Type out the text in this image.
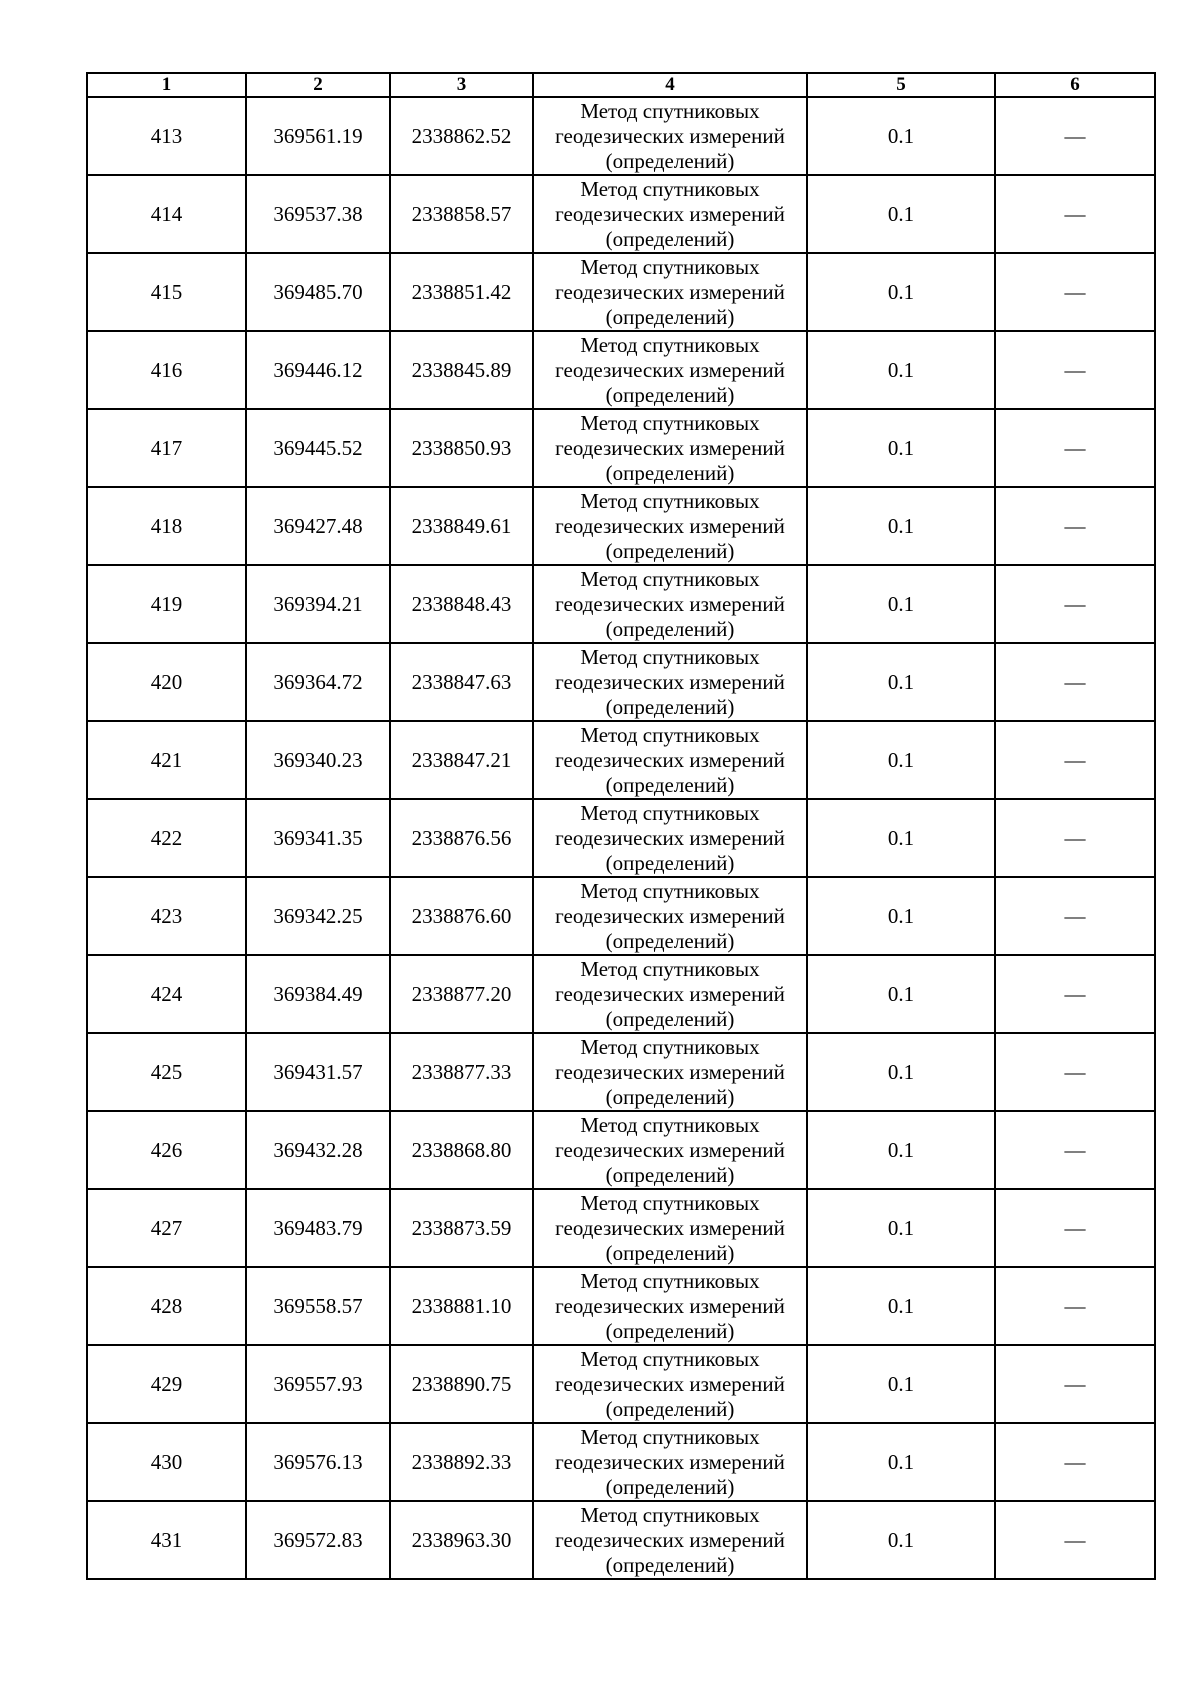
1	2	3	4	5	6
413	369561.19	2338862.52	Метод спутниковых
геодезических измерений
(определений)	0.1	—
414	369537.38	2338858.57	Метод спутниковых
геодезических измерений
(определений)	0.1	—
415	369485.70	2338851.42	Метод спутниковых
геодезических измерений
(определений)	0.1	—
416	369446.12	2338845.89	Метод спутниковых
геодезических измерений
(определений)	0.1	—
417	369445.52	2338850.93	Метод спутниковых
геодезических измерений
(определений)	0.1	—
418	369427.48	2338849.61	Метод спутниковых
геодезических измерений
(определений)	0.1	—
419	369394.21	2338848.43	Метод спутниковых
геодезических измерений
(определений)	0.1	—
420	369364.72	2338847.63	Метод спутниковых
геодезических измерений
(определений)	0.1	—
421	369340.23	2338847.21	Метод спутниковых
геодезических измерений
(определений)	0.1	—
422	369341.35	2338876.56	Метод спутниковых
геодезических измерений
(определений)	0.1	—
423	369342.25	2338876.60	Метод спутниковых
геодезических измерений
(определений)	0.1	—
424	369384.49	2338877.20	Метод спутниковых
геодезических измерений
(определений)	0.1	—
425	369431.57	2338877.33	Метод спутниковых
геодезических измерений
(определений)	0.1	—
426	369432.28	2338868.80	Метод спутниковых
геодезических измерений
(определений)	0.1	—
427	369483.79	2338873.59	Метод спутниковых
геодезических измерений
(определений)	0.1	—
428	369558.57	2338881.10	Метод спутниковых
геодезических измерений
(определений)	0.1	—
429	369557.93	2338890.75	Метод спутниковых
геодезических измерений
(определений)	0.1	—
430	369576.13	2338892.33	Метод спутниковых
геодезических измерений
(определений)	0.1	—
431	369572.83	2338963.30	Метод спутниковых
геодезических измерений
(определений)	0.1	—
